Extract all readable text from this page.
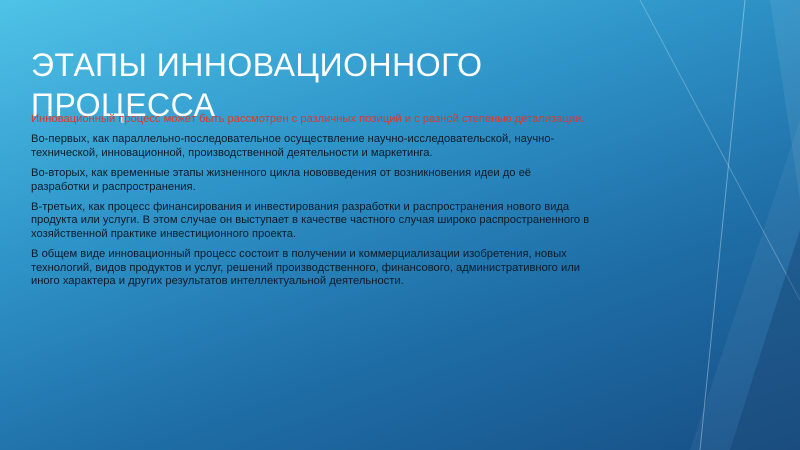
ЭТАПЫ ИННОВАЦИОННОГО
ПРОЦЕССА

Инновационный процесс может быть рассмотрен с различных позиций и с разной степенью детализации.

Во-первых, как параллельно-последовательное осуществление научно-исследовательской, научно-технической, инновационной, производственной деятельности и маркетинга.

Во-вторых, как временные этапы жизненного цикла нововведения от возникновения идеи до её разработки и распространения.

В-третьих, как процесс финансирования и инвестирования разработки и распространения нового вида продукта или услуги. В этом случае он выступает в качестве частного случая широко распространенного в хозяйственной практике инвестиционного проекта.

В общем виде инновационный процесс состоит в получении и коммерциализации изобретения, новых технологий, видов продуктов и услуг, решений производственного, финансового, административного или иного характера и других результатов интеллектуальной деятельности.
